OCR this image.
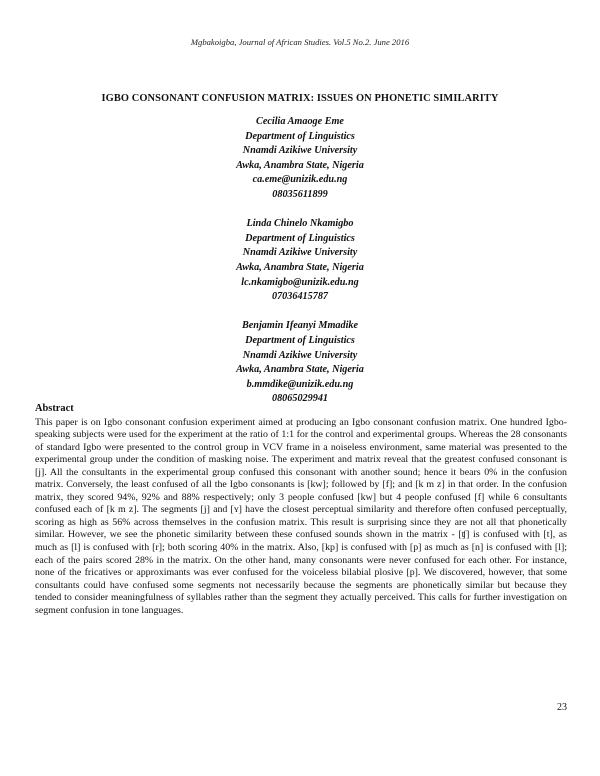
Mgbakoigba, Journal of African Studies. Vol.5 No.2. June 2016
IGBO CONSONANT CONFUSION MATRIX: ISSUES ON PHONETIC SIMILARITY
Cecilia Amaoge Eme
Department of Linguistics
Nnamdi Azikiwe University
Awka, Anambra State, Nigeria
ca.eme@unizik.edu.ng
08035611899
Linda Chinelo Nkamigbo
Department of Linguistics
Nnamdi Azikiwe University
Awka, Anambra State, Nigeria
lc.nkamigbo@unizik.edu.ng
07036415787
Benjamin Ifeanyi Mmadike
Department of Linguistics
Nnamdi Azikiwe University
Awka, Anambra State, Nigeria
b.mmdike@unizik.edu.ng
08065029941
Abstract

This paper is on Igbo consonant confusion experiment aimed at producing an Igbo consonant confusion matrix. One hundred Igbo-speaking subjects were used for the experiment at the ratio of 1:1 for the control and experimental groups. Whereas the 28 consonants of standard Igbo were presented to the control group in VCV frame in a noiseless environment, same material was presented to the experimental group under the condition of masking noise. The experiment and matrix reveal that the greatest confused consonant is [j]. All the consultants in the experimental group confused this consonant with another sound; hence it bears 0% in the confusion matrix. Conversely, the least confused of all the Igbo consonants is [kw]; followed by [f]; and [k m z] in that order. In the confusion matrix, they scored 94%, 92% and 88% respectively; only 3 people confused [kw] but 4 people confused [f] while 6 consultants confused each of [k m z]. The segments [j] and [ʏ] have the closest perceptual similarity and therefore often confused perceptually, scoring as high as 56% across themselves in the confusion matrix. This result is surprising since they are not all that phonetically similar. However, we see the phonetic similarity between these confused sounds shown in the matrix - [ʧ] is confused with [t], as much as [l] is confused with [r]; both scoring 40% in the matrix. Also, [kp] is confused with [p] as much as [n] is confused with [l]; each of the pairs scored 28% in the matrix. On the other hand, many consonants were never confused for each other. For instance, none of the fricatives or approximants was ever confused for the voiceless bilabial plosive [p]. We discovered, however, that some consultants could have confused some segments not necessarily because the segments are phonetically similar but because they tended to consider meaningfulness of syllables rather than the segment they actually perceived. This calls for further investigation on segment confusion in tone languages.

23
